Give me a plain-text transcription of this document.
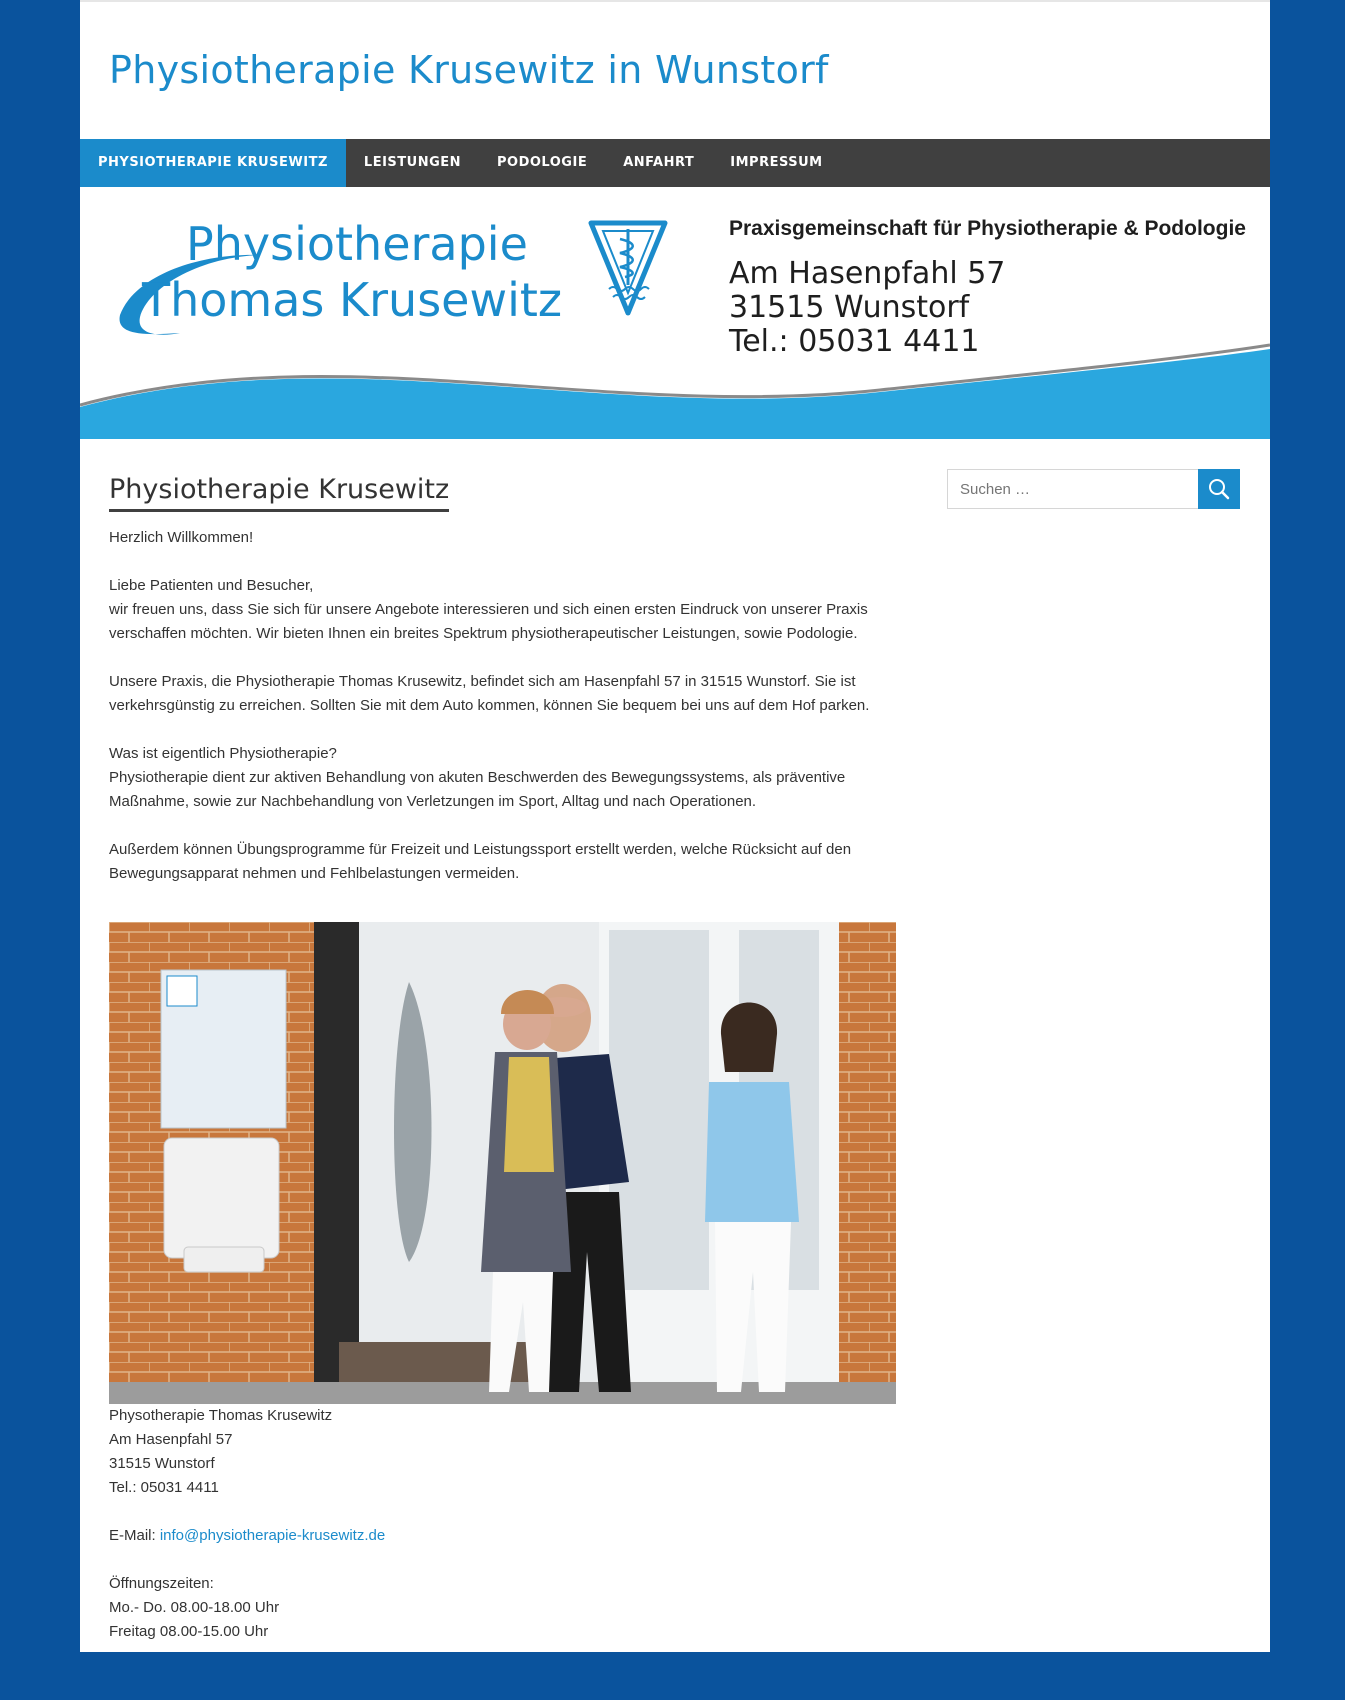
Physiotherapie Krusewitz in Wunstorf
PHYSIOTHERAPIE KRUSEWITZ	LEISTUNGEN	PODOLOGIE	ANFAHRT	IMPRESSUM
Physiotherapie
Thomas Krusewitz
Praxisgemeinschaft für Physiotherapie & Podologie
Am Hasenpfahl 57
31515 Wunstorf
Tel.: 05031 4411
Physiotherapie Krusewitz

Herzlich Willkommen!

Liebe Patienten und Besucher,

wir freuen uns, dass Sie sich für unsere Angebote interessieren und sich einen ersten Eindruck von unserer Praxis

verschaffen möchten. Wir bieten Ihnen ein breites Spektrum physiotherapeutischer Leistungen, sowie Podologie.

Unsere Praxis, die Physiotherapie Thomas Krusewitz, befindet sich am Hasenpfahl 57 in 31515 Wunstorf. Sie ist

verkehrsgünstig zu erreichen. Sollten Sie mit dem Auto kommen, können Sie bequem bei uns auf dem Hof parken.

Was ist eigentlich Physiotherapie?

Physiotherapie dient zur aktiven Behandlung von akuten Beschwerden des Bewegungssystems, als präventive

Maßnahme, sowie zur Nachbehandlung von Verletzungen im Sport, Alltag und nach Operationen.

Außerdem können Übungsprogramme für Freizeit und Leistungssport erstellt werden, welche Rücksicht auf den

Bewegungsapparat nehmen und Fehlbelastungen vermeiden.

Physotherapie Thomas Krusewitz

Am Hasenpfahl 57

31515 Wunstorf

Tel.: 05031 4411

E-Mail: info@physiotherapie-krusewitz.de

Öffnungszeiten:

Mo.- Do. 08.00-18.00 Uhr

Freitag 08.00-15.00 Uhr

Suchen …
